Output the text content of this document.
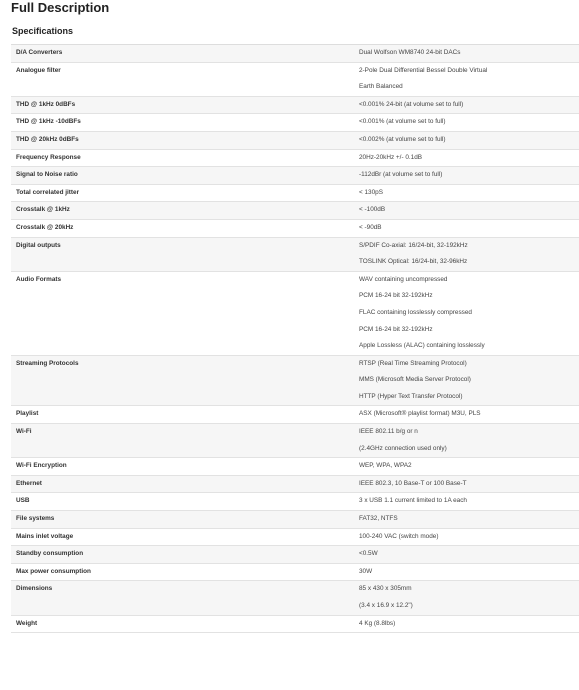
Full Description
Specifications
D/A Converters	Dual Wolfson WM8740 24-bit DACs

Analogue filter	2-Pole Dual Differential Bessel Double Virtual
Earth Balanced

THD @ 1kHz 0dBFs	<0.001% 24-bit (at volume set to full)

THD @ 1kHz -10dBFs	<0.001% (at volume set to full)

THD @ 20kHz 0dBFs	<0.002% (at volume set to full)

Frequency Response	20Hz-20kHz +/- 0.1dB

Signal to Noise ratio	-112dBr (at volume set to full)

Total correlated jitter	< 130pS

Crosstalk @ 1kHz	< -100dB

Crosstalk @ 20kHz	< -90dB

Digital outputs	S/PDIF Co-axial: 16/24-bit, 32-192kHz
TOSLINK Optical: 16/24-bit, 32-96kHz

Audio Formats	WAV containing uncompressed
PCM 16-24 bit 32-192kHz
FLAC containing losslessly compressed
PCM 16-24 bit 32-192kHz
Apple Lossless (ALAC) containing losslessly

Streaming Protocols	RTSP (Real Time Streaming Protocol)
MMS (Microsoft Media Server Protocol)
HTTP (Hyper Text Transfer Protocol)

Playlist	ASX (Microsoft® playlist format) M3U, PLS

Wi-Fi	IEEE 802.11 b/g or n
(2.4GHz connection used only)

Wi-Fi Encryption	WEP, WPA, WPA2

Ethernet	IEEE 802.3, 10 Base-T or 100 Base-T

USB	3 x USB 1.1 current limited to 1A each

File systems	FAT32, NTFS

Mains inlet voltage	100-240 VAC (switch mode)

Standby consumption	<0.5W

Max power consumption	30W

Dimensions	85 x 430 x 305mm
(3.4 x 16.9 x 12.2")

Weight	4 Kg (8.8lbs)
